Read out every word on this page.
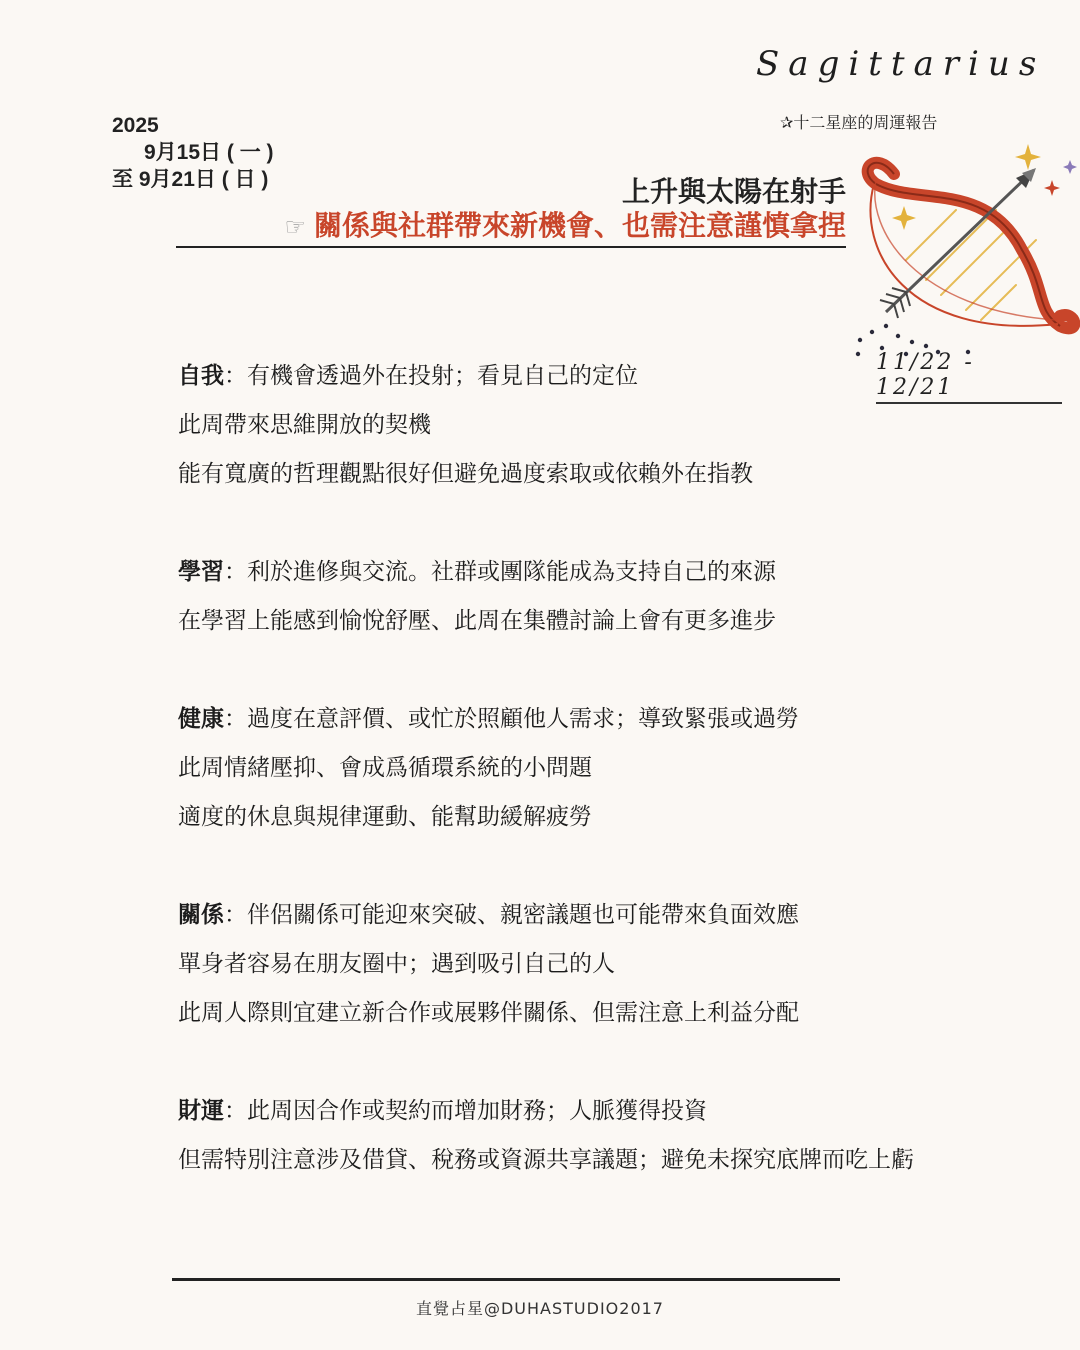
2025
9月15日 ( 一 )
至 9月21日 ( 日 )
Sagittarius
✰十二星座的周運報告
上升與太陽在射手
☞ 關係與社群帶來新機會、也需注意謹慎拿捏
11/22 - 12/21
自我：有機會透過外在投射；看見自己的定位
此周帶來思維開放的契機
能有寬廣的哲理觀點很好但避免過度索取或依賴外在指教
學習：利於進修與交流。社群或團隊能成為支持自己的來源
在學習上能感到愉悅舒壓、此周在集體討論上會有更多進步
健康：過度在意評價、或忙於照顧他人需求；導致緊張或過勞
此周情緒壓抑、會成爲循環系統的小問題
適度的休息與規律運動、能幫助緩解疲勞
關係：伴侶關係可能迎來突破、親密議題也可能帶來負面效應
單身者容易在朋友圈中；遇到吸引自己的人
此周人際則宜建立新合作或展夥伴關係、但需注意上利益分配
財運：此周因合作或契約而增加財務；人脈獲得投資
但需特別注意涉及借貸、稅務或資源共享議題；避免未探究底牌而吃上虧
直覺占星@DUHASTUDIO2017
